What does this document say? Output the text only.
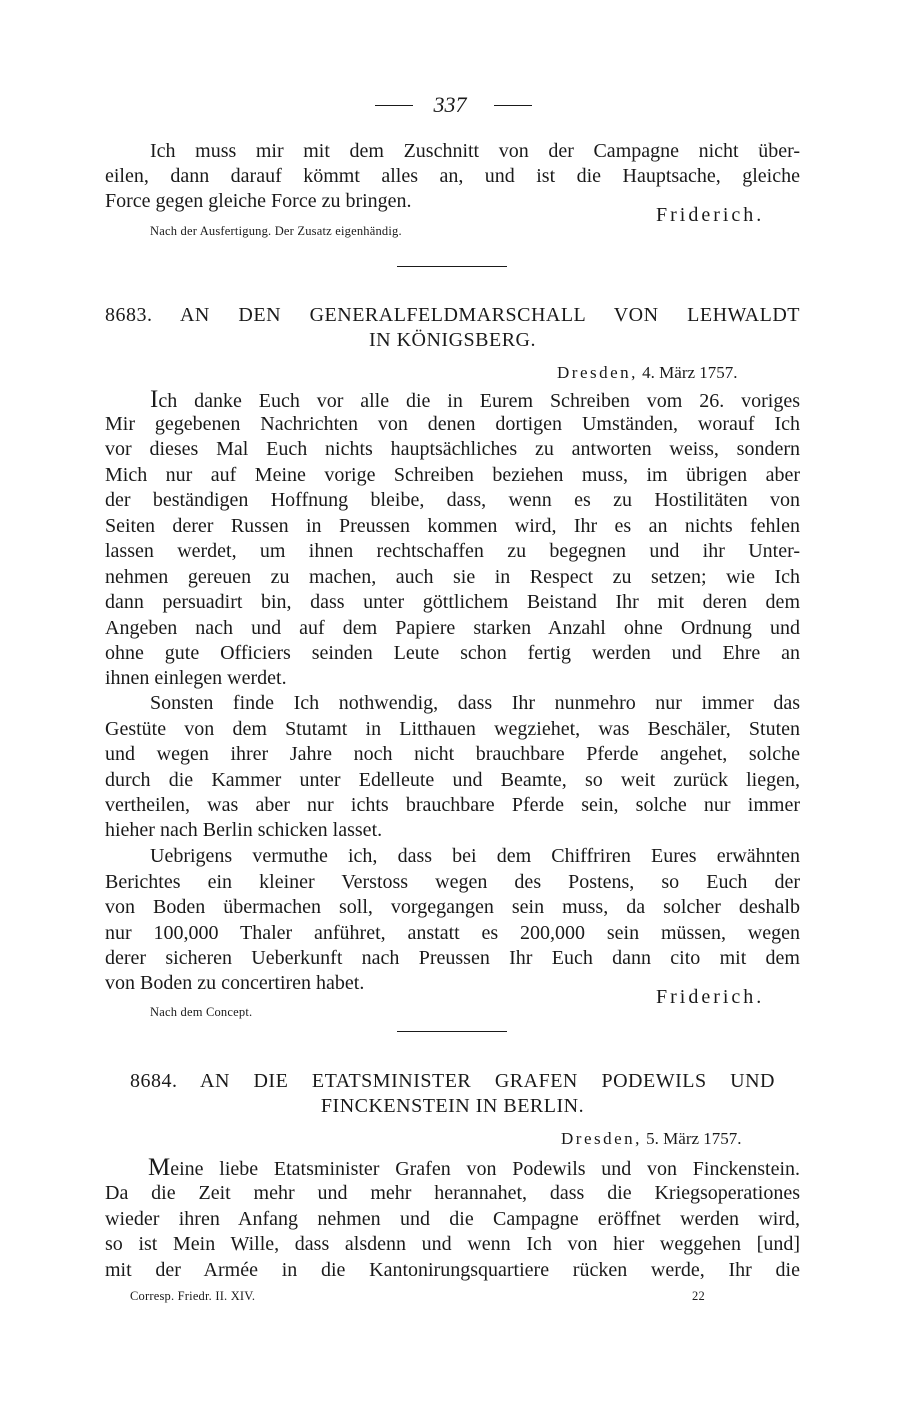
337
Ich muss mir mit dem Zuschnitt von der Campagne nicht über-
eilen, dann darauf kömmt alles an, und ist die Hauptsache, gleiche
Force gegen gleiche Force zu bringen.
Friderich.
Nach der Ausfertigung. Der Zusatz eigenhändig.
8683. AN DEN GENERALFELDMARSCHALL VON LEHWALDT
IN KÖNIGSBERG.
Dresden, 4. März 1757.
Ich danke Euch vor alle die in Eurem Schreiben vom 26. voriges
Mir gegebenen Nachrichten von denen dortigen Umständen, worauf Ich
vor dieses Mal Euch nichts hauptsächliches zu antworten weiss, sondern
Mich nur auf Meine vorige Schreiben beziehen muss, im übrigen aber
der beständigen Hoffnung bleibe, dass, wenn es zu Hostilitäten von
Seiten derer Russen in Preussen kommen wird, Ihr es an nichts fehlen
lassen werdet, um ihnen rechtschaffen zu begegnen und ihr Unter-
nehmen gereuen zu machen, auch sie in Respect zu setzen; wie Ich
dann persuadirt bin, dass unter göttlichem Beistand Ihr mit deren dem
Angeben nach und auf dem Papiere starken Anzahl ohne Ordnung und
ohne gute Officiers seinden Leute schon fertig werden und Ehre an
ihnen einlegen werdet.
Sonsten finde Ich nothwendig, dass Ihr nunmehro nur immer das
Gestüte von dem Stutamt in Litthauen wegziehet, was Beschäler, Stuten
und wegen ihrer Jahre noch nicht brauchbare Pferde angehet, solche
durch die Kammer unter Edelleute und Beamte, so weit zurück liegen,
vertheilen, was aber nur ichts brauchbare Pferde sein, solche nur immer
hieher nach Berlin schicken lasset.
Uebrigens vermuthe ich, dass bei dem Chiffriren Eures erwähnten
Berichtes ein kleiner Verstoss wegen des Postens, so Euch der
von Boden übermachen soll, vorgegangen sein muss, da solcher deshalb
nur 100,000 Thaler anführet, anstatt es 200,000 sein müssen, wegen
derer sicheren Ueberkunft nach Preussen Ihr Euch dann cito mit dem
von Boden zu concertiren habet.
Friderich.
Nach dem Concept.
8684. AN DIE ETATSMINISTER GRAFEN PODEWILS UND
FINCKENSTEIN IN BERLIN.
Dresden, 5. März 1757.
Meine liebe Etatsminister Grafen von Podewils und von Finckenstein.
Da die Zeit mehr und mehr herannahet, dass die Kriegsoperationes
wieder ihren Anfang nehmen und die Campagne eröffnet werden wird,
so ist Mein Wille, dass alsdenn und wenn Ich von hier weggehen [und]
mit der Armée in die Kantonirungsquartiere rücken werde, Ihr die
Corresp. Friedr. II. XIV.	22
